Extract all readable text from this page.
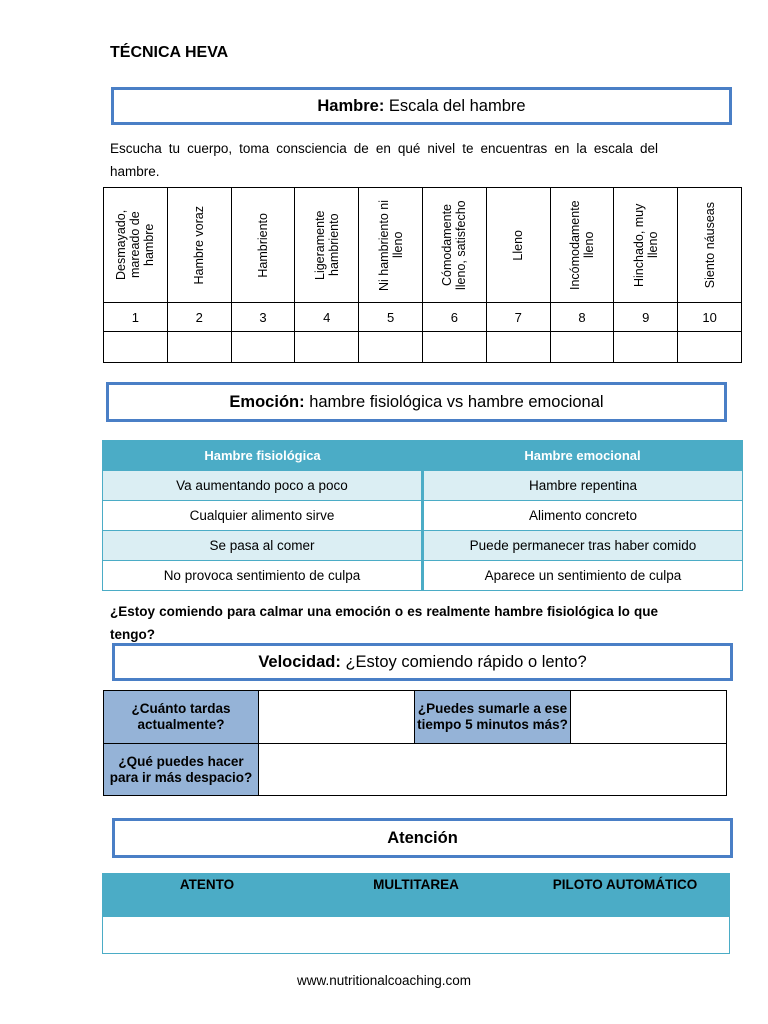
TÉCNICA HEVA
Hambre:
Escala del hambre
Escucha tu cuerpo, toma consciencia de en qué nivel te encuentras en la escala del hambre.
Desmayado, mareado de hambre	Hambre voraz	Hambriento	Ligeramente hambriento	Ni hambriento ni lleno	Cómodamente lleno, satisfecho	Lleno	Incómodamente lleno	Hinchado, muy lleno	Siento náuseas

1	2	3	4	5	6	7	8	9	10

Emoción:
hambre fisiológica vs hambre emocional
Hambre fisiológica	Hambre emocional
Va aumentando poco a poco	Hambre repentina
Cualquier alimento sirve	Alimento concreto
Se pasa al comer	Puede permanecer tras haber comido
No provoca sentimiento de culpa	Aparece un sentimiento de culpa
¿Estoy comiendo para calmar una emoción o es realmente hambre fisiológica lo que tengo?
Velocidad:
¿Estoy comiendo rápido o lento?
¿Cuánto tardas actualmente?		¿Puedes sumarle a ese tiempo 5 minutos más?	
¿Qué puedes hacer para ir más despacio?			
Atención
ATENTO	MULTITAREA	PILOTO AUTOMÁTICO

www.nutritionalcoaching.com
